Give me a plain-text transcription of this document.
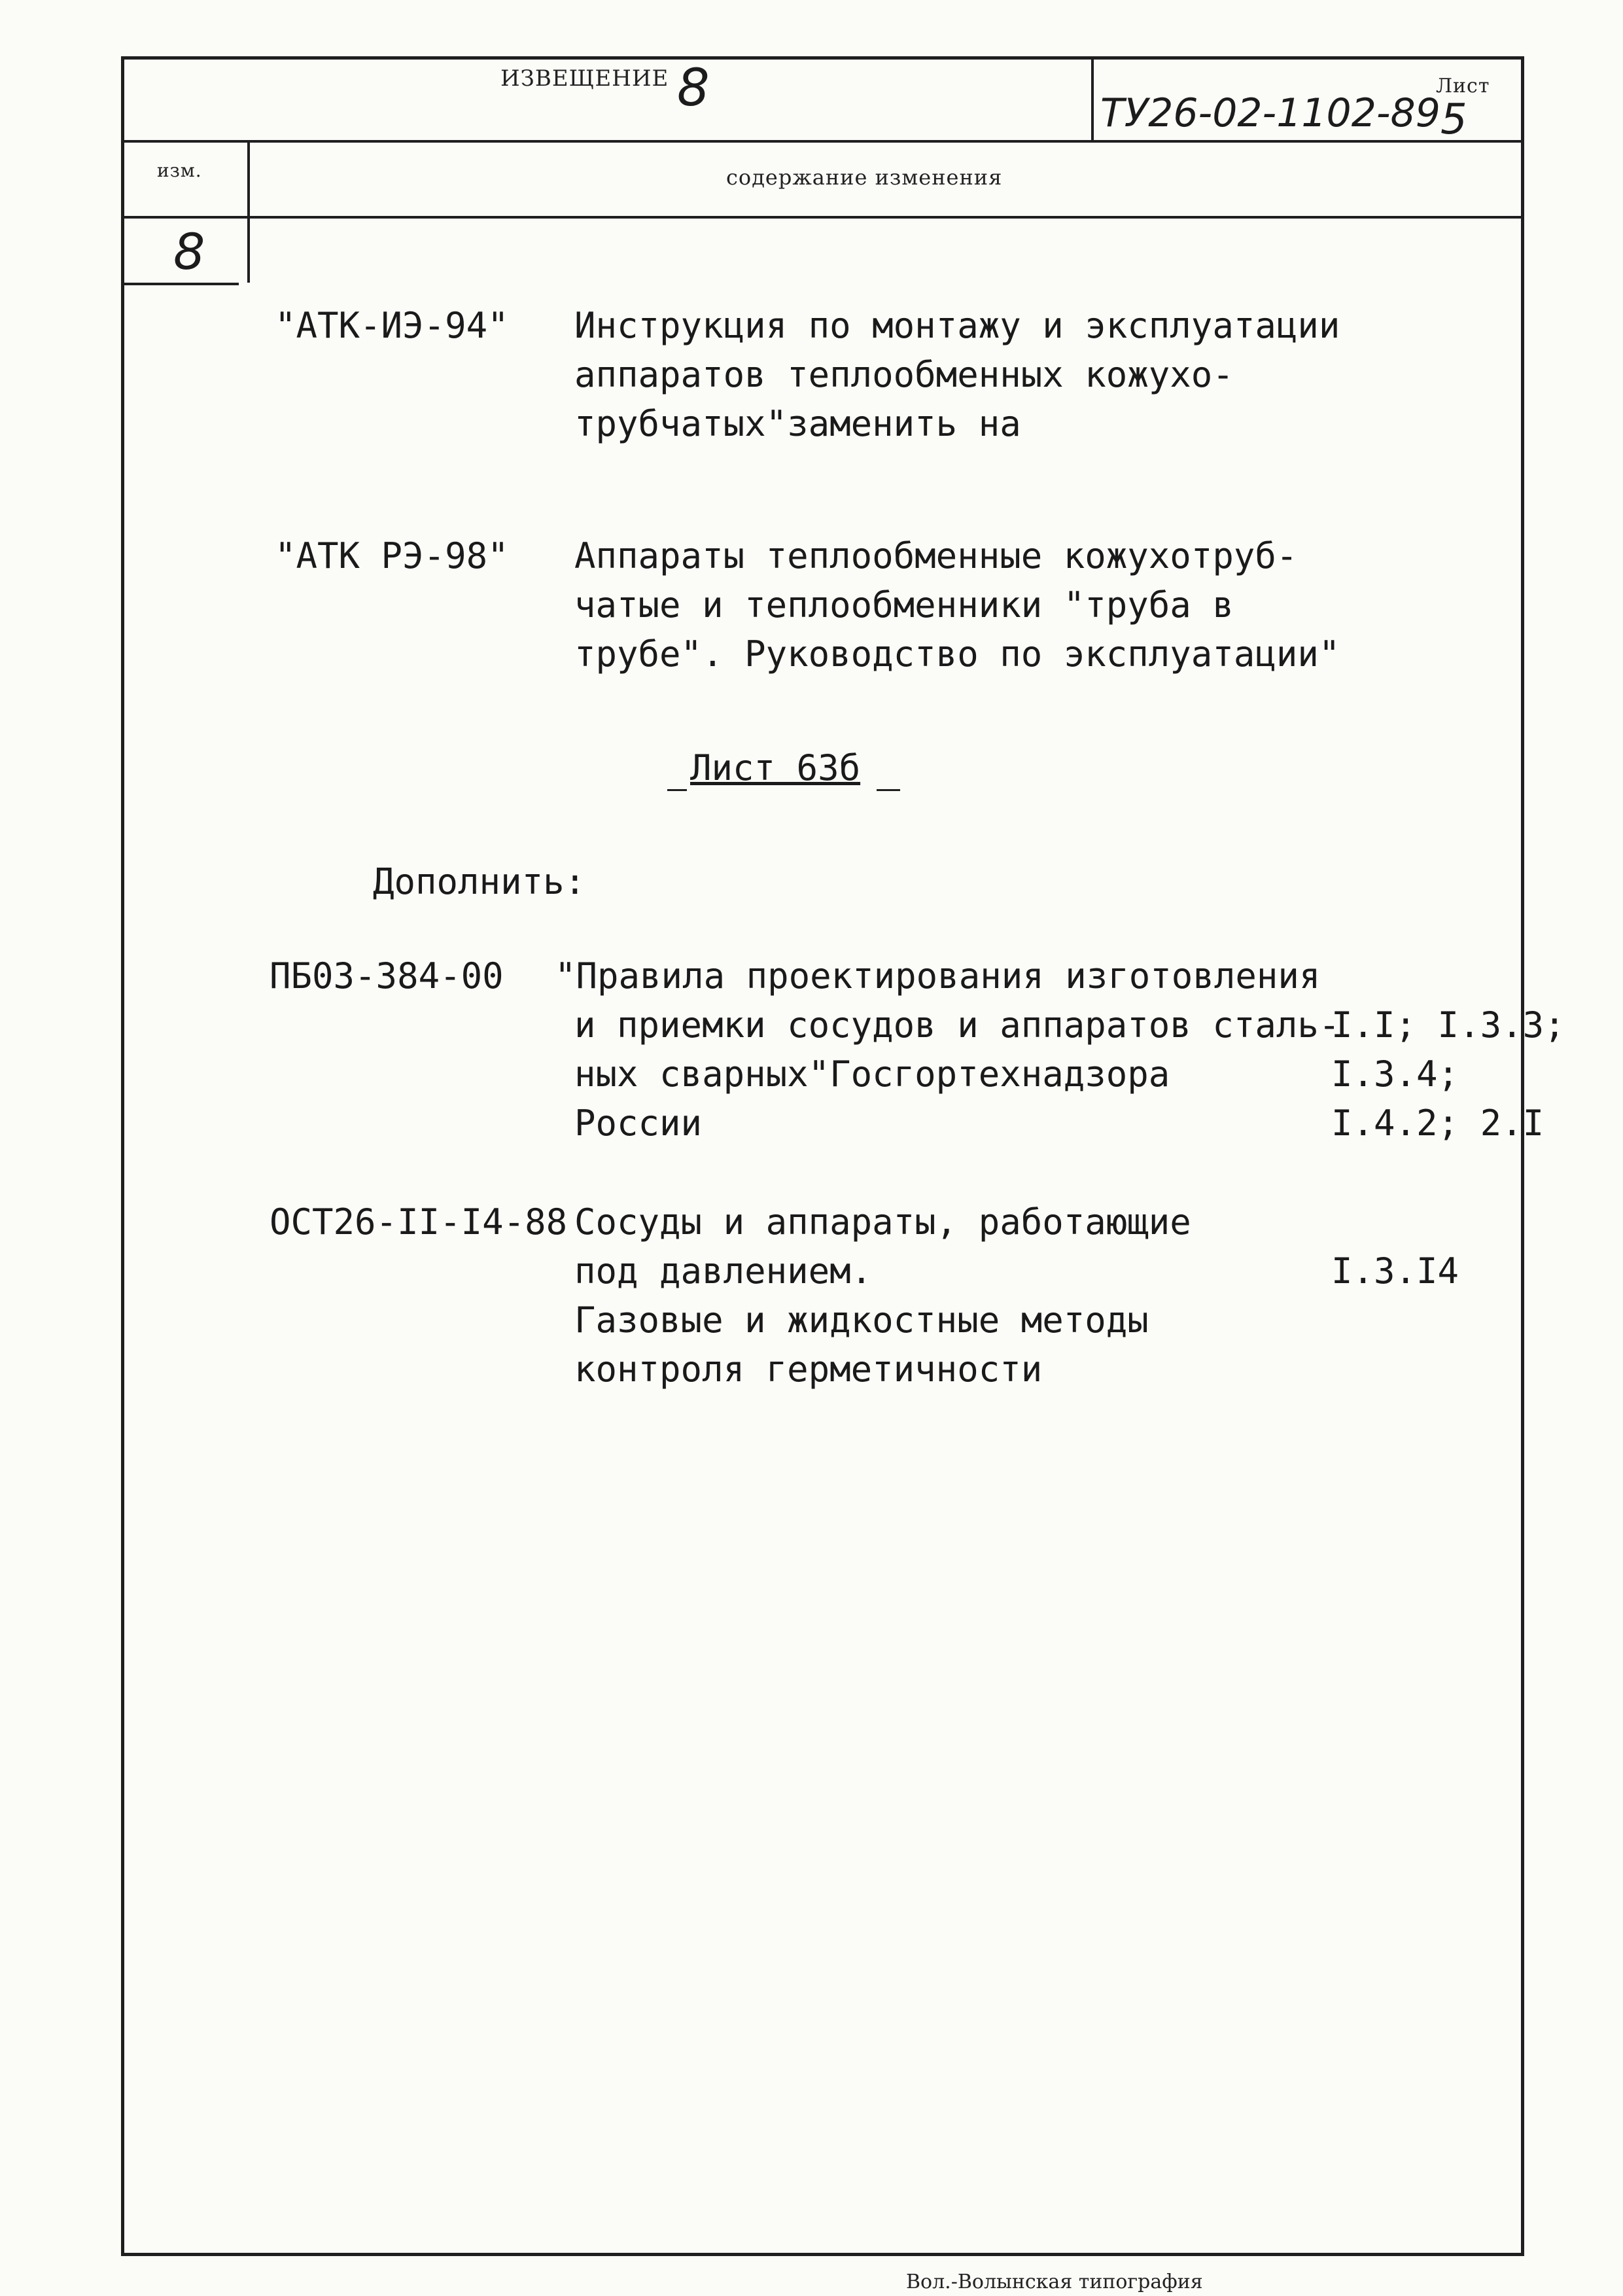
ИЗВЕЩЕНИЕ 8	ТУ26-02-1102-89
Лист
5
изм.	содержание изменения
8
"АТК-ИЭ-94" Инструкция по монтажу и эксплуатации
аппаратов теплообменных кожухо-
трубчатых"заменить на
"АТК РЭ-98" Аппараты теплообменные кожухотруб-
чатые и теплообменники "труба в
трубе". Руководство по эксплуатации"
Лист 63б
Дополнить:
ПБ03-384-00 "Правила проектирования изготовления
и приемки сосудов и аппаратов сталь-
ных сварных"Госгортехнадзора
России
I.I; I.3.3;
I.3.4;
I.4.2; 2.I
ОСТ26-II-I4-88 Сосуды и аппараты, работающие
под давлением.
Газовые и жидкостные методы
контроля герметичности
I.3.I4
Вол.-Волынская типография
